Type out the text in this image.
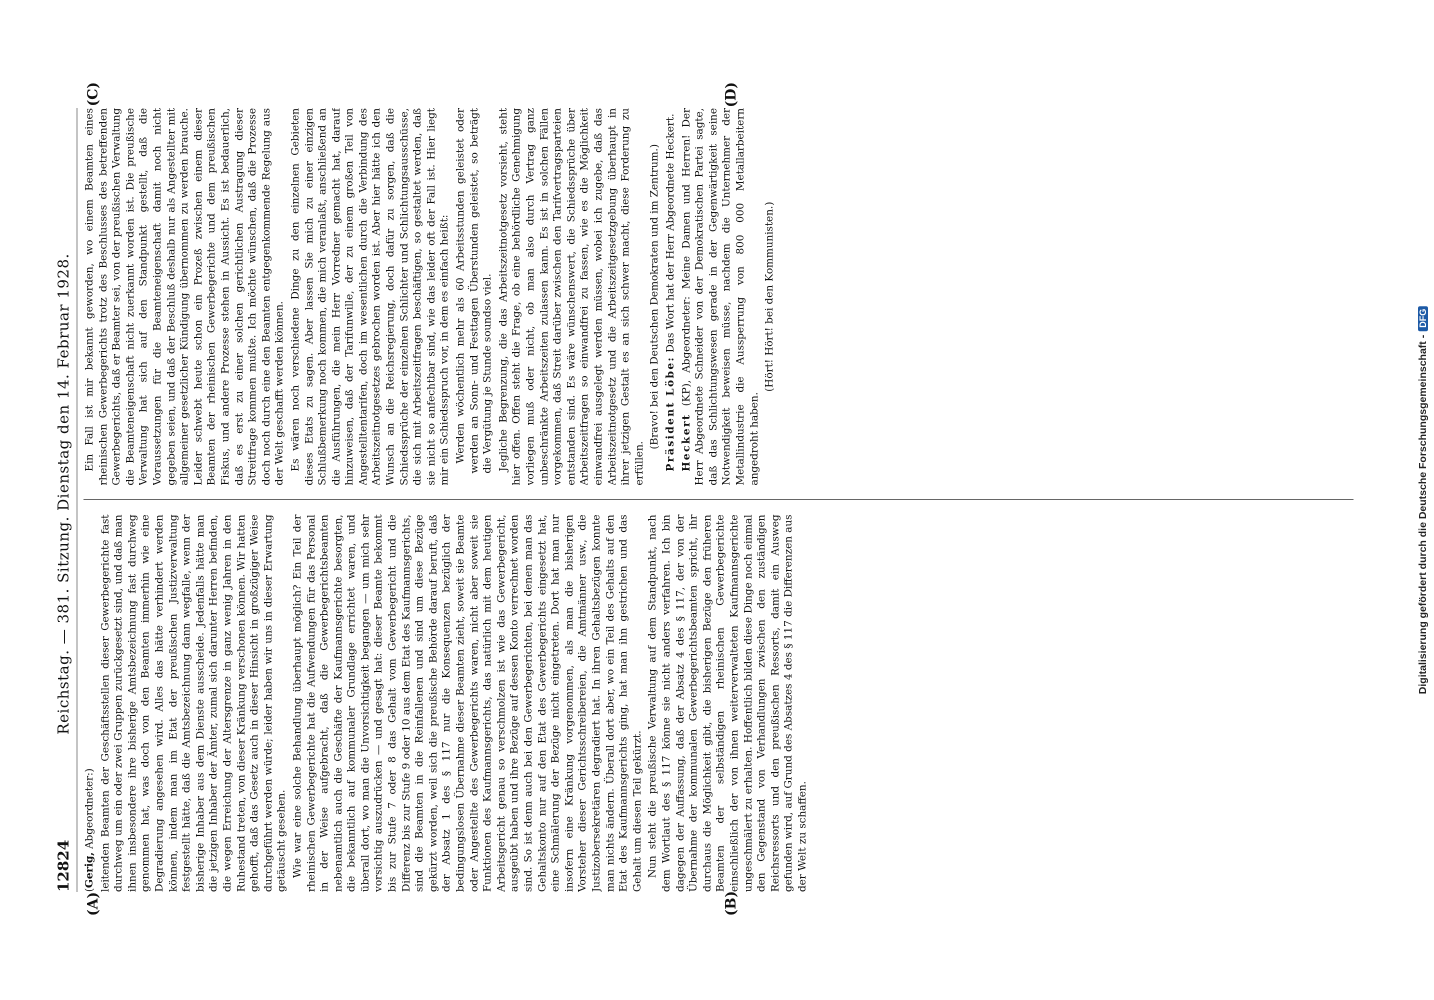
12824
Reichstag. — 381. Sitzung. Dienstag den 14. Februar 1928.
(A)	(B)
(C)	(D)

(Gerig, Abgeordneter:) leitenden Beamten der Geschäftsstellen dieser Gewerbegerichte fast durchweg um ein oder zwei Gruppen zurückgesetzt sind, und daß man ihnen insbesondere ihre bisherige Amtsbezeichnung fast durchweg genommen hat, was doch von den Beamten immerhin wie eine Degradierung angesehen wird. Alles das hätte verhindert werden können, indem man im Etat der preußischen Justizverwaltung festgestellt hätte, daß die Amtsbezeichnung dann wegfalle, wenn der bisherige Inhaber aus dem Dienste ausscheide. Jedenfalls hätte man die jetzigen Inhaber der Ämter, zumal sich darunter Herren befinden, die wegen Erreichung der Altersgrenze in ganz wenig Jahren in den Ruhestand treten, von dieser Kränkung verschonen können. Wir hatten gehofft, daß das Gesetz auch in dieser Hinsicht in großzügiger Weise durchgeführt werden würde; leider haben wir uns in dieser Erwartung getäuscht gesehen. Wie war eine solche Behandlung überhaupt möglich? Ein Teil der rheinischen Gewerbegerichte hat die Aufwendungen für das Personal in der Weise aufgebracht, daß die Gewerbegerichtsbeamten nebenamtlich auch die Geschäfte der Kaufmannsgerichte besorgten, die bekanntlich auf kommunaler Grundlage errichtet waren, und überall dort, wo man die Unvorsichtigkeit begangen — um mich sehr vorsichtig auszudrücken — und gesagt hat: dieser Beamte bekommt bis zur Stufe 7 oder 8 das Gehalt vom Gewerbegericht und die Differenz bis zur Stufe 9 oder 10 aus dem Etat des Kaufmannsgerichts, sind die Beamten in die Reinfallenen und sind um diese Bezüge gekürzt worden, weil sich die preußische Behörde darauf beruft, daß der Absatz 1 des § 117 nur die Konsequenzen bezüglich der bedingungslosen Übernahme dieser Beamten zieht, soweit sie Beamte oder Angestellte des Gewerbegerichts waren, nicht aber soweit sie Funktionen des Kaufmannsgerichts, das natürlich mit dem heutigen Arbeitsgericht genau so verschmolzen ist wie das Gewerbegericht, ausgeübt haben und ihre Bezüge auf dessen Konto verrechnet worden sind. So ist denn auch bei den Gewerbegerichten, bei denen man das Gehaltskonto nur auf den Etat des Gewerbegerichts eingesetzt hat, eine Schmälerung der Bezüge nicht eingetreten. Dort hat man nur insofern eine Kränkung vorgenommen, als man die bisherigen Vorsteher dieser Gerichtsschreibereien, die Amtmänner usw., die Justizobersekretären degradiert hat. In ihren Gehaltsbezügen konnte man nichts ändern. Überall dort aber, wo ein Teil des Gehalts auf den Etat des Kaufmannsgerichts ging, hat man ihn gestrichen und das Gehalt um diesen Teil gekürzt. Nun steht die preußische Verwaltung auf dem Standpunkt, nach dem Wortlaut des § 117 könne sie nicht anders verfahren. Ich bin dagegen der Auffassung, daß der Absatz 4 des § 117, der von der Übernahme der kommunalen Gewerbegerichtsbeamten spricht, ihr durchaus die Möglichkeit gibt, die bisherigen Bezüge den früheren Beamten der selbständigen rheinischen Gewerbegerichte einschließlich der von ihnen weiterverwalteten Kaufmannsgerichte ungeschmälert zu erhalten. Hoffentlich bilden diese Dinge noch einmal den Gegenstand von Verhandlungen zwischen den zuständigen Reichsressorts und den preußischen Ressorts, damit ein Ausweg gefunden wird, auf Grund des Absatzes 4 des § 117 die Differenzen aus der Welt zu schaffen.

Ein Fall ist mir bekannt geworden, wo einem Beamten eines rheinischen Gewerbegerichts trotz des Beschlusses des betreffenden Gewerbegerichts, daß er Beamter sei, von der preußischen Verwaltung die Beamteneigenschaft nicht zuerkannt worden ist. Die preußische Verwaltung hat sich auf den Standpunkt gestellt, daß die Voraussetzungen für die Beamteneigenschaft damit noch nicht gegeben seien, und daß der Beschluß deshalb nur als Angestellter mit allgemeiner gesetzlicher Kündigung übernommen zu werden brauche. Leider schwebt heute schon ein Prozeß zwischen einem dieser Beamten der rheinischen Gewerbegerichte und dem preußischen Fiskus, und andere Prozesse stehen in Aussicht. Es ist bedauerlich, daß es erst zu einer solchen gerichtlichen Austragung dieser Streitfrage kommen mußte. Ich möchte wünschen, daß die Prozesse doch noch durch eine den Beamten entgegenkommende Regelung aus der Welt geschafft werden können. Es wären noch verschiedene Dinge zu den einzelnen Gebieten dieses Etats zu sagen. Aber lassen Sie mich zu einer einzigen Schlußbemerkung noch kommen, die mich veranlaßt, anschließend an die Ausführungen, die mein Herr Vorredner gemacht hat, darauf hinzuweisen, daß der Tarifunwille, der zu einem großen Teil von Angestelltentarifen, doch im wesentlichen durch die Verbindung des Arbeitszeitnotgesetzes gebrochen worden ist. Aber hier hätte ich den Wunsch an die Reichsregierung, doch dafür zu sorgen, daß die Schiedssprüche der einzelnen Schlichter und Schlichtungsausschüsse, die sich mit Arbeitszeitfragen beschäftigen, so gestaltet werden, daß sie nicht so anfechtbar sind, wie das leider oft der Fall ist. Hier liegt mir ein Schiedsspruch vor, in dem es einfach heißt: Werden wöchentlich mehr als 60 Arbeitsstunden geleistet oder werden an Sonn- und Festtagen Überstunden geleistet, so beträgt die Vergütung je Stunde soundso viel. Jegliche Begrenzung, die das Arbeitszeitnotgesetz vorsieht, steht hier offen. Offen steht die Frage, ob eine behördliche Genehmigung vorliegen muß oder nicht, ob man also durch Vertrag ganz unbeschränkte Arbeitszeiten zulassen kann. Es ist in solchen Fällen vorgekommen, daß Streit darüber zwischen den Tarifvertragsparteien entstanden sind. Es wäre wünschenswert, die Schiedssprüche über Arbeitszeitfragen so einwandfrei zu fassen, wie es die Möglichkeit einwandfrei ausgelegt werden müssen, wobei ich zugebe, daß das Arbeitszeitnotgesetz und die Arbeitszeitgesetzgebung überhaupt in ihrer jetzigen Gestalt es an sich schwer macht, diese Forderung zu erfüllen.

(Bravo! bei den Deutschen Demokraten und im Zentrum.) Präsident Löbe: Das Wort hat der Herr Abgeordnete Heckert.

Heckert (KP), Abgeordneter: Meine Damen und Herren! Der Herr Abgeordnete Schneider von der Demokratischen Partei sagte, daß das Schlichtungswesen gerade in der Gegenwärtigkeit seine Notwendigkeit beweisen müsse, nachdem die Unternehmer der Metallindustrie die Aussperrung von 800 000 Metallarbeitern angedroht haben.

(Hört! Hört! bei den Kommunisten.)

Digitalisierung gefördert durch die Deutsche Forschungsgemeinschaft -DFG
